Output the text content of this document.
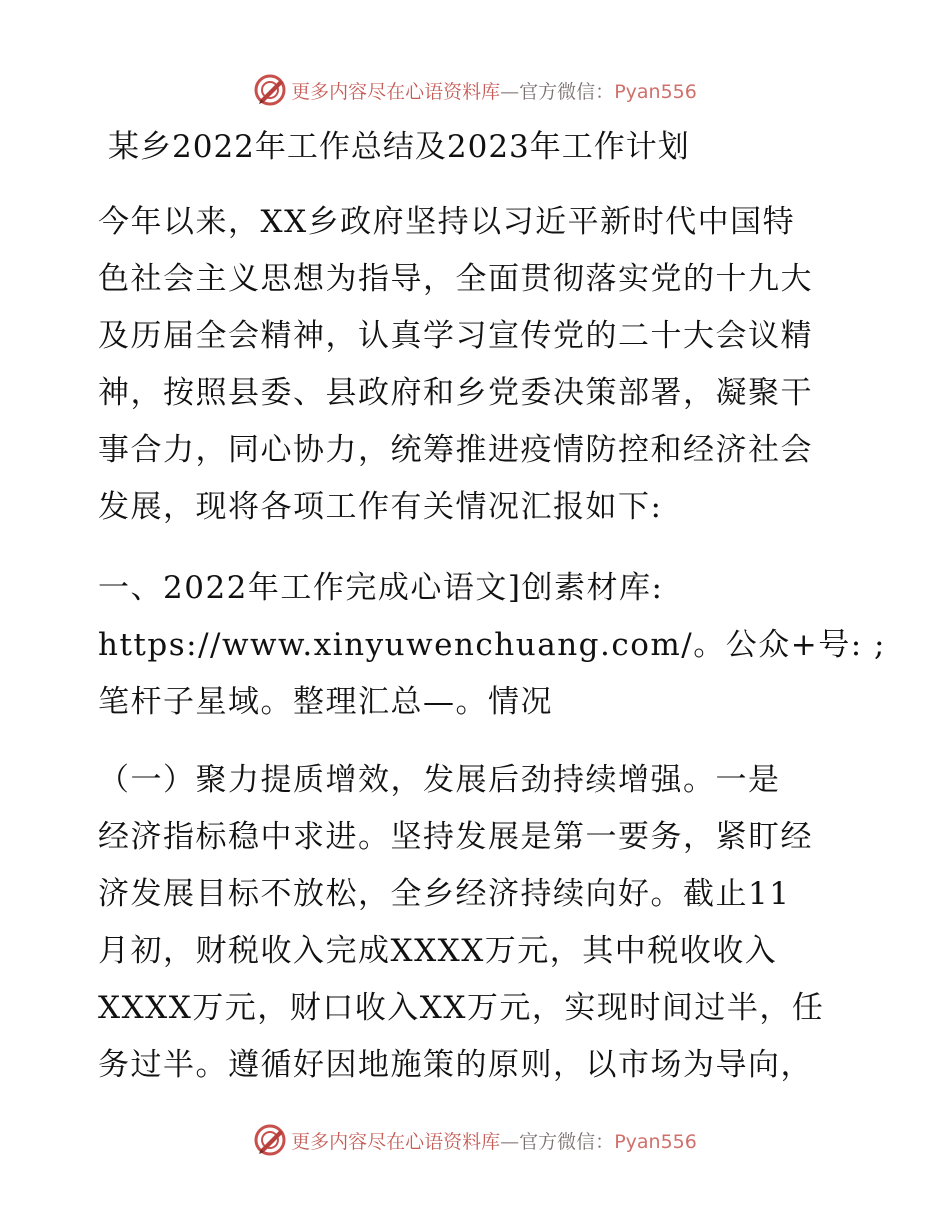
更多内容尽在心语资料库—官方微信：Pyan556
某乡2022年工作总结及2023年工作计划
今年以来，XX乡政府坚持以习近平新时代中国特
色社会主义思想为指导，全面贯彻落实党的十九大
及历届全会精神，认真学习宣传党的二十大会议精
神，按照县委、县政府和乡党委决策部署，凝聚干
事合力，同心协力，统筹推进疫情防控和经济社会
发展，现将各项工作有关情况汇报如下:
一、2022年工作完成心语文]创素材库:
https://www.xinyuwenchuang.com/。公众+号: ;
笔杆子星域。整理汇总—。情况
（一）聚力提质增效，发展后劲持续增强。一是
经济指标稳中求进。坚持发展是第一要务，紧盯经
济发展目标不放松，全乡经济持续向好。截止11
月初，财税收入完成XXXX万元，其中税收收入
XXXX万元，财口收入XX万元，实现时间过半，任
务过半。遵循好因地施策的原则，以市场为导向，
更多内容尽在心语资料库—官方微信：Pyan556
